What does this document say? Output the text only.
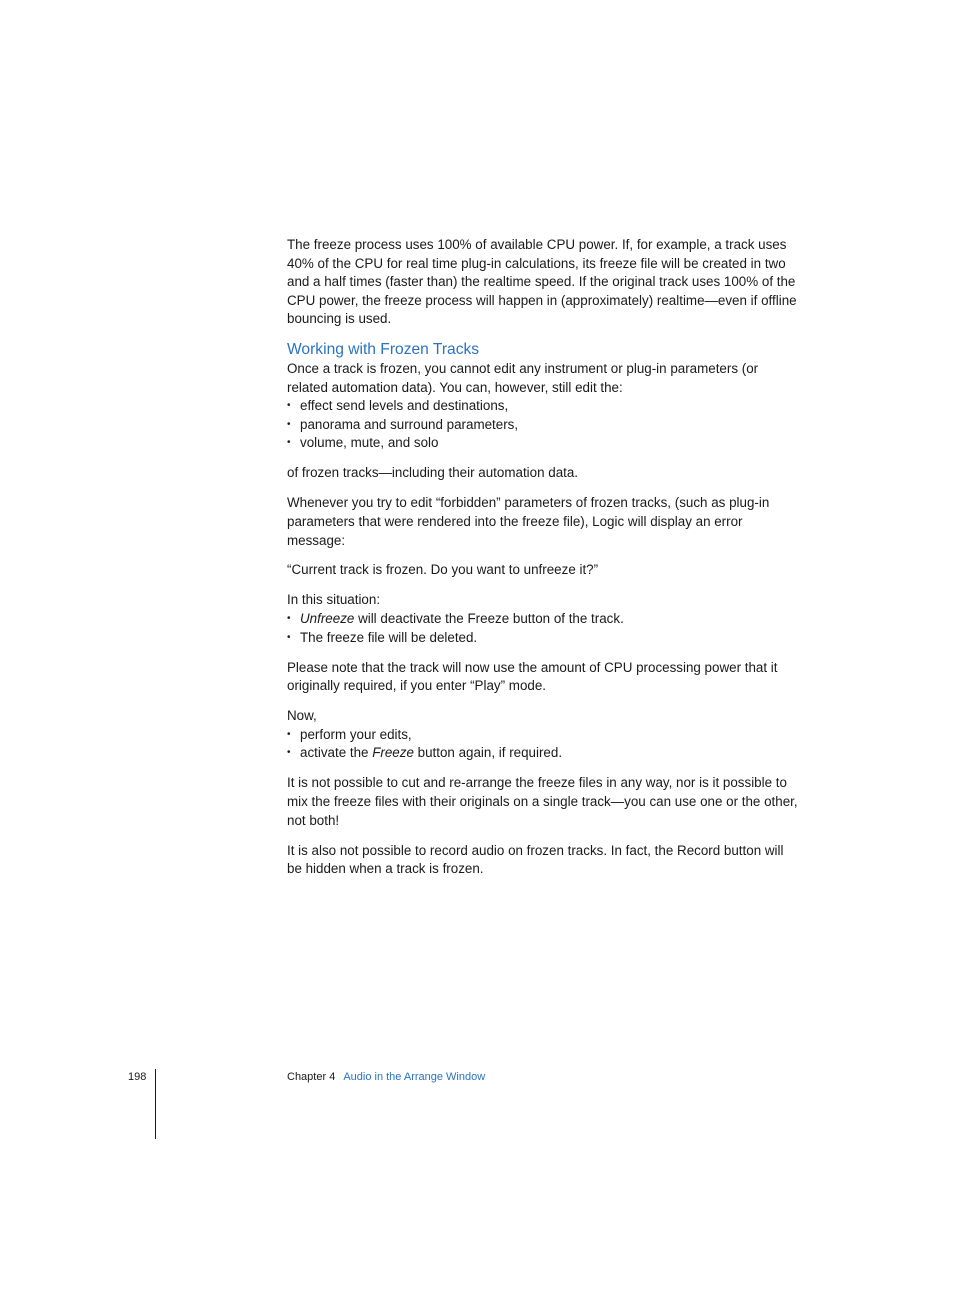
The freeze process uses 100% of available CPU power. If, for example, a track uses 40% of the CPU for real time plug-in calculations, its freeze file will be created in two and a half times (faster than) the realtime speed. If the original track uses 100% of the CPU power, the freeze process will happen in (approximately) realtime—even if offline bouncing is used.

Working with Frozen Tracks

Once a track is frozen, you cannot edit any instrument or plug-in parameters (or related automation data). You can, however, still edit the:

• effect send levels and destinations,
• panorama and surround parameters,
• volume, mute, and solo

of frozen tracks—including their automation data.

Whenever you try to edit “forbidden” parameters of frozen tracks, (such as plug-in parameters that were rendered into the freeze file), Logic will display an error message:

“Current track is frozen. Do you want to unfreeze it?”

In this situation:

• Unfreeze will deactivate the Freeze button of the track.
• The freeze file will be deleted.

Please note that the track will now use the amount of CPU processing power that it originally required, if you enter “Play” mode.

Now,

• perform your edits,
• activate the Freeze button again, if required.

It is not possible to cut and re-arrange the freeze files in any way, nor is it possible to mix the freeze files with their originals on a single track—you can use one or the other, not both!

It is also not possible to record audio on frozen tracks. In fact, the Record button will be hidden when a track is frozen.

198	Chapter 4 Audio in the Arrange Window
